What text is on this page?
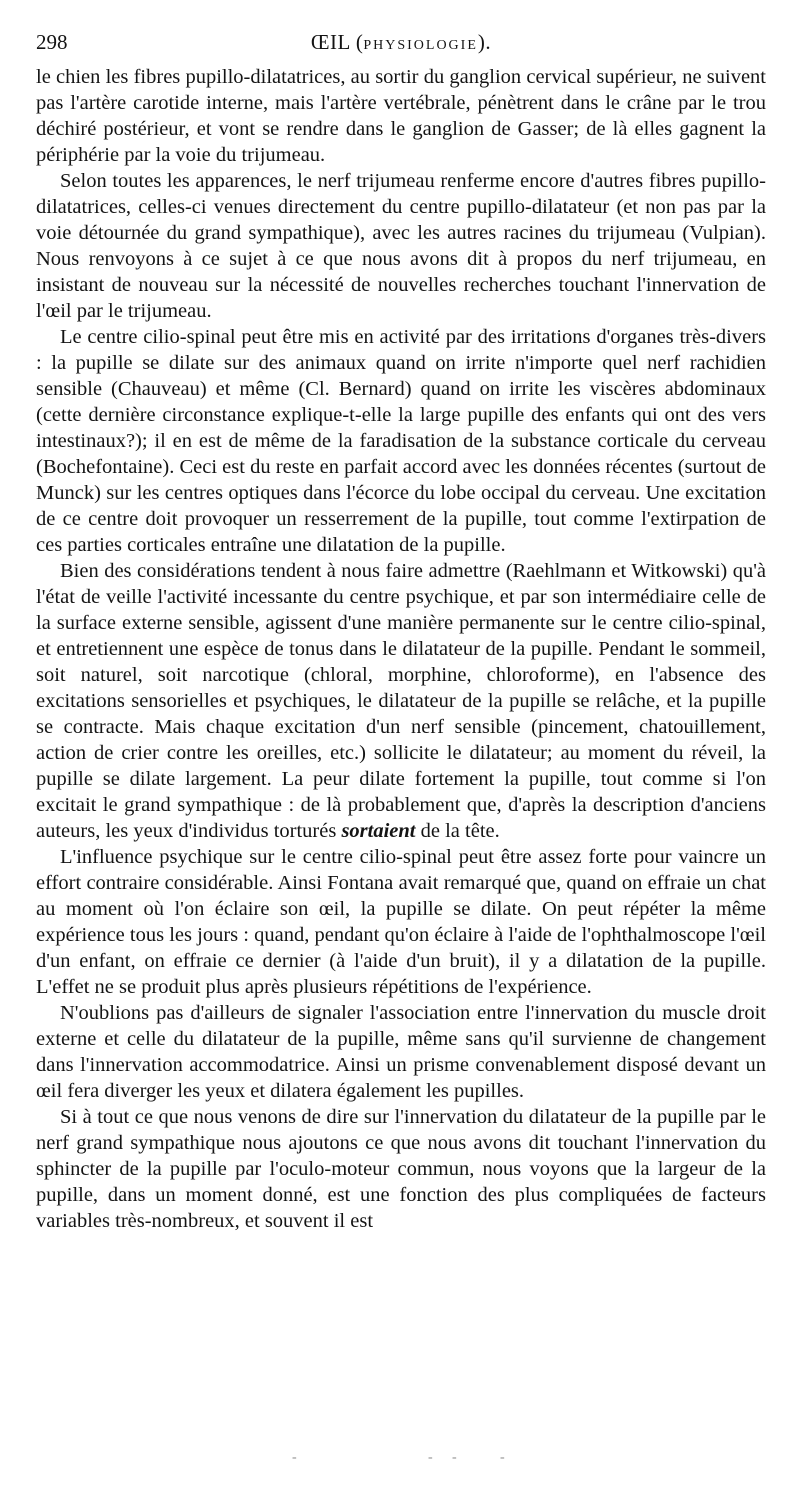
298	ŒIL (PHYSIOLOGIE).

le chien les fibres pupillo-dilatatrices, au sortir du ganglion cervical supérieur, ne suivent pas l'artère carotide interne, mais l'artère vertébrale, pénètrent dans le crâne par le trou déchiré postérieur, et vont se rendre dans le ganglion de Gasser; de là elles gagnent la périphérie par la voie du trijumeau.

Selon toutes les apparences, le nerf trijumeau renferme encore d'autres fibres pupillo-dilatatrices, celles-ci venues directement du centre pupillo-dilatateur (et non pas par la voie détournée du grand sympathique), avec les autres racines du trijumeau (Vulpian). Nous renvoyons à ce sujet à ce que nous avons dit à propos du nerf trijumeau, en insistant de nouveau sur la nécessité de nouvelles recherches touchant l'innervation de l'œil par le trijumeau.

Le centre cilio-spinal peut être mis en activité par des irritations d'organes très-divers : la pupille se dilate sur des animaux quand on irrite n'importe quel nerf rachidien sensible (Chauveau) et même (Cl. Bernard) quand on irrite les viscères abdominaux (cette dernière circonstance explique-t-elle la large pupille des enfants qui ont des vers intestinaux?); il en est de même de la faradisation de la substance corticale du cerveau (Bochefontaine). Ceci est du reste en parfait accord avec les données récentes (surtout de Munck) sur les centres optiques dans l'écorce du lobe occipal du cerveau. Une excitation de ce centre doit provoquer un resserrement de la pupille, tout comme l'extirpation de ces parties corticales entraîne une dilatation de la pupille.

Bien des considérations tendent à nous faire admettre (Raehlmann et Witkowski) qu'à l'état de veille l'activité incessante du centre psychique, et par son intermédiaire celle de la surface externe sensible, agissent d'une manière permanente sur le centre cilio-spinal, et entretiennent une espèce de tonus dans le dilatateur de la pupille. Pendant le sommeil, soit naturel, soit narcotique (chloral, morphine, chloroforme), en l'absence des excitations sensorielles et psychiques, le dilatateur de la pupille se relâche, et la pupille se contracte. Mais chaque excitation d'un nerf sensible (pincement, chatouillement, action de crier contre les oreilles, etc.) sollicite le dilatateur; au moment du réveil, la pupille se dilate largement. La peur dilate fortement la pupille, tout comme si l'on excitait le grand sympathique : de là probablement que, d'après la description d'anciens auteurs, les yeux d'individus torturés sortaient de la tête.

L'influence psychique sur le centre cilio-spinal peut être assez forte pour vaincre un effort contraire considérable. Ainsi Fontana avait remarqué que, quand on effraie un chat au moment où l'on éclaire son œil, la pupille se dilate. On peut répéter la même expérience tous les jours : quand, pendant qu'on éclaire à l'aide de l'ophthalmoscope l'œil d'un enfant, on effraie ce dernier (à l'aide d'un bruit), il y a dilatation de la pupille. L'effet ne se produit plus après plusieurs répétitions de l'expérience.

N'oublions pas d'ailleurs de signaler l'association entre l'innervation du muscle droit externe et celle du dilatateur de la pupille, même sans qu'il survienne de changement dans l'innervation accommodatrice. Ainsi un prisme convenablement disposé devant un œil fera diverger les yeux et dilatera également les pupilles.

Si à tout ce que nous venons de dire sur l'innervation du dilatateur de la pupille par le nerf grand sympathique nous ajoutons ce que nous avons dit touchant l'innervation du sphincter de la pupille par l'oculo-moteur commun, nous voyons que la largeur de la pupille, dans un moment donné, est une fonction des plus compliquées de facteurs variables très-nombreux, et souvent il est

-	- -	-
